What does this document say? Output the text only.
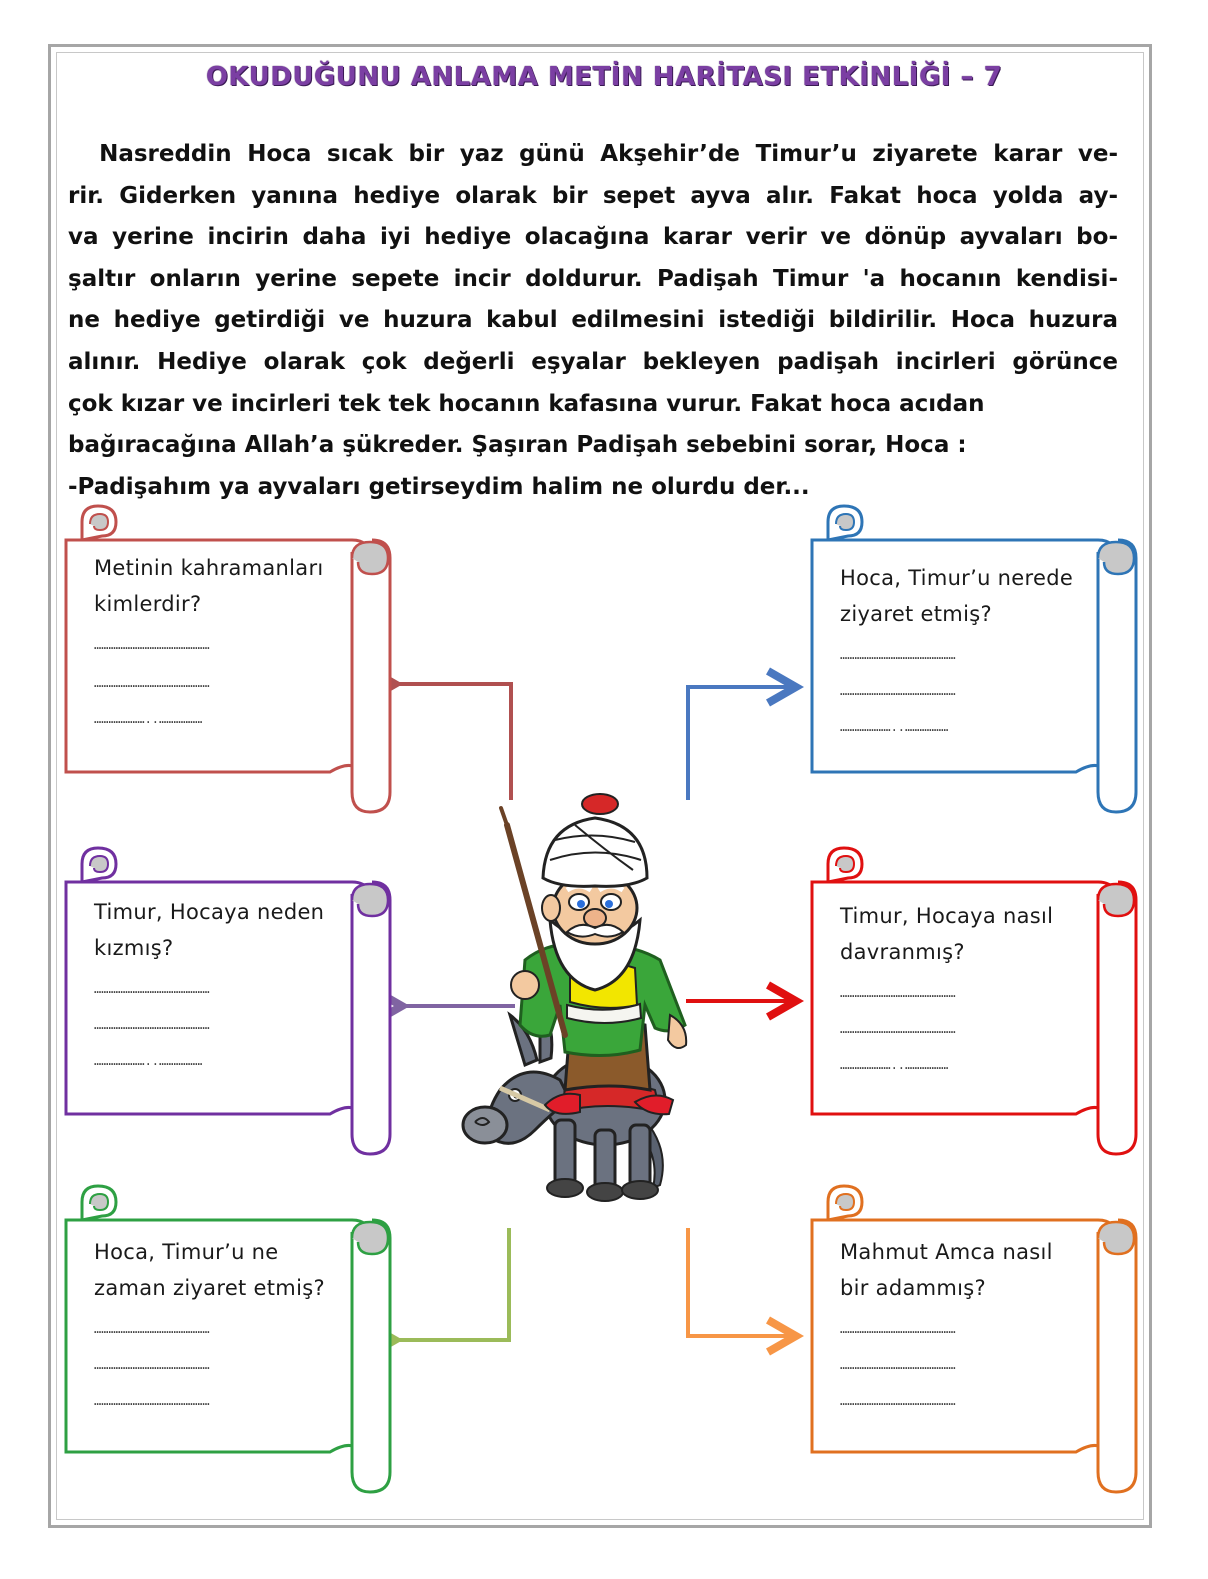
OKUDUĞUNU ANLAMA METİN HARİTASI ETKİNLİĞİ – 7
Nasreddin Hoca sıcak bir yaz günü Akşehir’de Timur’u ziyarete karar ve-
rir. Giderken yanına hediye olarak bir sepet ayva alır. Fakat hoca yolda ay-
va yerine incirin daha iyi hediye olacağına karar verir ve dönüp ayvaları bo-
şaltır onların yerine sepete incir doldurur. Padişah Timur 'a hocanın kendisi-
ne hediye getirdiği ve huzura kabul edilmesini istediği bildirilir. Hoca huzura
alınır. Hediye olarak çok değerli eşyalar bekleyen padişah incirleri görünce
çok kızar ve incirleri tek tek hocanın kafasına vurur. Fakat hoca acıdan
bağıracağına Allah’a şükreder. Şaşıran Padişah sebebini sorar, Hoca :
-Padişahım ya ayvaları getirseydim halim ne olurdu der...
Metinin kahramanları
kimlerdir?
…………………………………………
…………………………………………
…………………..………………
Hoca, Timur’u nerede
ziyaret etmiş?
…………………………………………
…………………………………………
…………………..………………
Timur, Hocaya neden
kızmış?
…………………………………………
…………………………………………
…………………..………………
Timur, Hocaya nasıl
davranmış?
…………………………………………
…………………………………………
…………………..………………
Hoca, Timur’u ne
zaman ziyaret etmiş?
…………………………………………
…………………………………………
…………………………………………
Mahmut Amca nasıl
bir adammış?
…………………………………………
…………………………………………
…………………………………………
